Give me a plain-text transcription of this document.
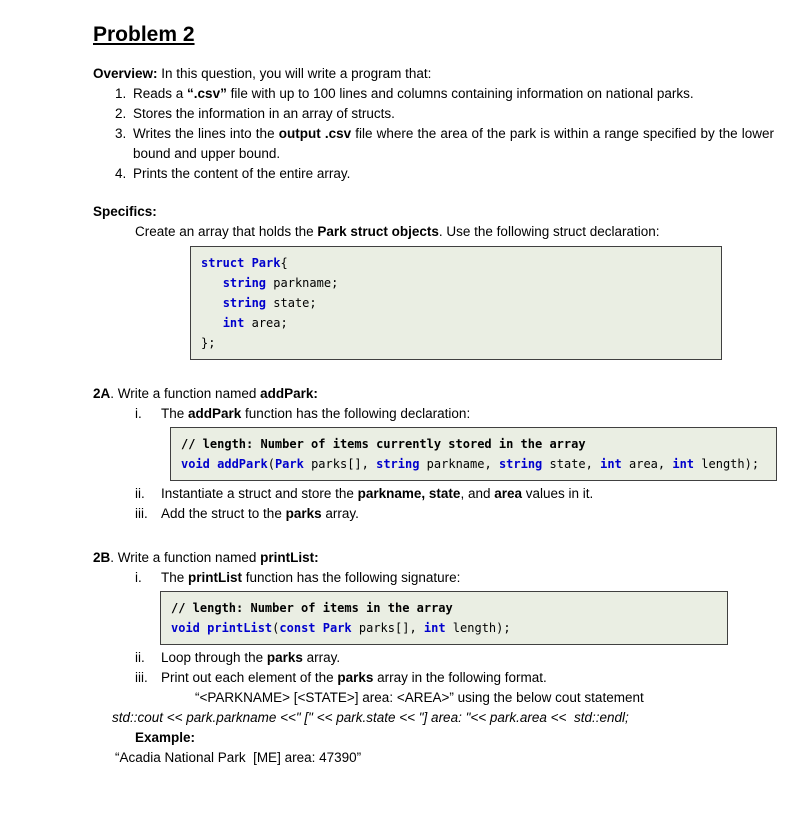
Problem 2

Overview: In this question, you will write a program that:

1. Reads a “.csv” file with up to 100 lines and columns containing information on national parks.
2. Stores the information in an array of structs.
3. Writes the lines into the output .csv file where the area of the park is within a range specified by the lower bound and upper bound.
4. Prints the content of the entire array.

Specifics:

Create an array that holds the Park struct objects. Use the following struct declaration:

struct Park{
string parkname;
string state;
int area;
};

2A. Write a function named addPark:

i.	The addPark function has the following declaration:
// length: Number of items currently stored in the array
void addPark(Park parks[], string parkname, string state, int area, int length);
ii.	Instantiate a struct and store the parkname, state, and area values in it.
iii. Add the struct to the parks array.

2B. Write a function named printList:

i.	The printList function has the following signature:
// length: Number of items in the array
void printList(const Park parks[], int length);
ii.	Loop through the parks array.
iii. Print out each element of the parks array in the following format.

“<PARKNAME> [<STATE>] area: <AREA>” using the below cout statement

std::cout << park.parkname <<" [" << park.state << "] area: "<< park.area <<  std::endl;

Example:

“Acadia National Park  [ME] area: 47390”
